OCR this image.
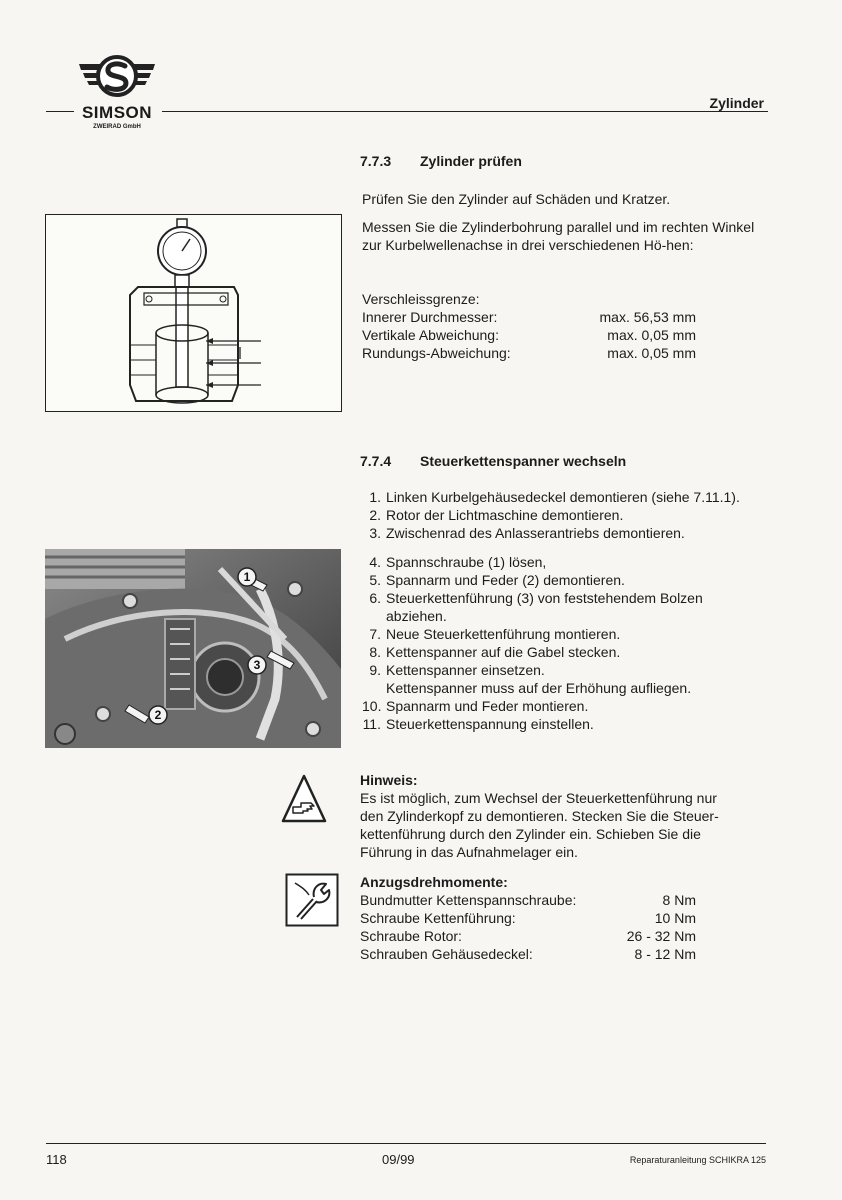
SIMSON
ZWEIRAD GmbH
Zylinder
7.7.3 Zylinder prüfen
Prüfen Sie den Zylinder auf Schäden und Kratzer.
Messen Sie die Zylinderbohrung parallel und im rechten Winkel zur Kurbelwellenachse in drei verschiedenen Hö-hen:
Verschleissgrenze:
Innerer Durchmesser:	max. 56,53 mm
Vertikale Abweichung:	max. 0,05 mm
Rundungs-Abweichung:	max. 0,05 mm
7.7.4 Steuerkettenspanner wechseln
1. Linken Kurbelgehäusedeckel demontieren (siehe 7.11.1).
2. Rotor der Lichtmaschine demontieren.
3. Zwischenrad des Anlasserantriebs demontieren.
4. Spannschraube (1) lösen,
5. Spannarm und Feder (2) demontieren.
6. Steuerkettenführung (3) von feststehendem Bolzen
abziehen.
7. Neue Steuerkettenführung montieren.
8. Kettenspanner auf die Gabel stecken.
9. Kettenspanner einsetzen.
Kettenspanner muss auf der Erhöhung aufliegen.
10. Spannarm und Feder montieren.
11. Steuerkettenspannung einstellen.
1
3
2
Hinweis:
Es ist möglich, zum Wechsel der Steuerkettenführung nur
den Zylinderkopf zu demontieren. Stecken Sie die Steuer-
kettenführung durch den Zylinder ein. Schieben Sie die
Führung in das Aufnahmelager ein.
Anzugsdrehmomente:
Bundmutter Kettenspannschraube:	8 Nm
Schraube Kettenführung:	10 Nm
Schraube Rotor:	26 - 32 Nm
Schrauben Gehäusedeckel:	8 - 12 Nm
118	09/99	Reparaturanleitung SCHIKRA 125
